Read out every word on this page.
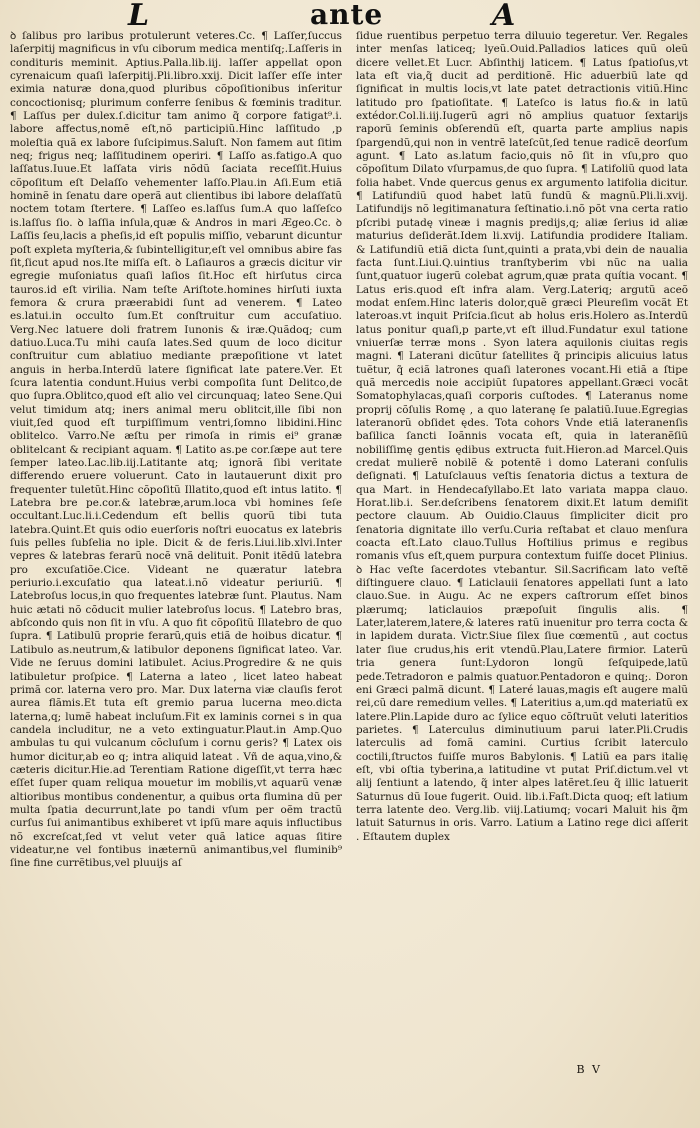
L	ante	A

ꝺ ſalibus pro laribus protulerunt veteres.Cc. ¶ Laſſer,ſuccus laſerpitij magnificus in vſu ciborum medica mentiſq;.Laſſeris in condituris meminit. Aptius.Palla.lib.iij. laſſer appellat opon cyrenaicum quaſi laſerpitij.Pli.libro.xxij. Dicit laſſer eſſe inter eximia naturæ dona,quod pluribus cõpoſitionibus inſeritur concoctionisq; plurimum conferre ſenibus & fœminis traditur. ¶ Laſſus per dulex.ſ.dicitur tam animo q̃ corpore fatigat⁹.i. labore affectus,nomẽ eſt,nõ participiũ.Hinc laſſitudo ,p moleſtia quã ex labore ſuſcipimus.Saluſt. Non famem aut ſitim neq; frigus neq; laſſitudinem operiri. ¶ Laſſo as.fatigo.A quo laſſatus.Iuue.Et laſſata viris nõdũ ſaciata receſſit.Huius cõpoſitum eſt Delaſſo vehementer laſſo.Plau.in Aſi.Eum etiã hominẽ in ſenatu dare operã aut clientibus ibi labore delaſſatũ noctem totam ſtertere. ¶ Laſſeo es.laſſus ſum.A quo laſſeſco is.laſſus ſio. ꝺ laſſia inſula,quæ & Andros in mari Ægeo.Cc. ꝺ Laſſis ſeu,lacis a pheſis,id eſt populis miſſio, vebarunt dicuntur poſt expleta myſteria,& ſubintelligitur,eſt vel omnibus abire fas ſit,ſicut apud nos.Ite miſſa eſt. ꝺ Laſiauros a græcis dicitur vir egregie muſoniatus quaſi laſios ſit.Hoc eſt hirſutus circa tauros.id eſt virilia. Nam teſte Ariſtote.homines hirſuti iuxta femora & crura præerabidi ſunt ad venerem. ¶ Lateo es.latui.in occulto ſum.Et conſtruitur cum accuſatiuo. Verg.Nec latuere doli fratrem Iunonis & iræ.Quãdoq; cum datiuo.Luca.Tu mihi cauſa lates.Sed quum de loco dicitur conſtruitur cum ablatiuo mediante præpoſitione vt latet anguis in herba.Interdũ latere ſignificat late patere.Ver. Et ſcura latentia condunt.Huius verbi compoſita ſunt Delitco,de quo ſupra.Oblitco,quod eſt alio vel circunquaq; lateo Sene.Qui velut timidum atq; iners animal meru oblitcit,ille ſibi non viuit,ſed quod eſt turpiſſimum ventri,ſomno libidini.Hinc oblitelco. Varro.Ne æſtu per rimoſa in rimis ei⁹ granæ oblitelcant & recipiant aquam. ¶ Latito as.pe cor.ſæpe aut tere ſemper lateo.Lac.lib.iij.Latitante atq; ignorã ſibi veritate differendo eruere voluerunt. Cato in lautauerunt dixit pro frequenter tuletũt.Hinc cõpoſitũ Illatito,quod eſt intus latito. ¶ Latebra bre pe.cor.& latebræ,arum.loca vbi homines ſeſe occultant.Luc.li.i.Cedendum eſt bellis quorũ tibi tuta latebra.Quint.Et quis odio euerſoris noſtri euocatus ex latebris ſuis pelles ſubſelia no iple. Dicit & de feris.Liui.lib.xlvi.Inter vepres & latebras ferarũ nocẽ vnã delituit. Ponit itẽdũ latebra pro excuſatiõe.Cice. Videant ne quæratur latebra periurio.i.excuſatio qua lateat.i.nõ videatur periuriũ. ¶ Latebroſus locus,in quo frequentes latebræ ſunt. Plautus. Nam huic ætati nõ cõducit mulier latebroſus locus. ¶ Latebro bras, abſcondo quis non ſit in vſu. A quo fit cõpoſitũ Illatebro de quo ſupra. ¶ Latibulũ proprie ferarũ,quis etiã de hoibus dicatur. ¶ Latibulo as.neutrum,& latibulor deponens ſignificat lateo. Var. Vide ne ſeruus domini latibulet. Acius.Progredire & ne quis latibuletur proſpice. ¶ Laterna a lateo , licet lateo habeat primã cor. laterna vero pro. Mar. Dux laterna viæ clauſis ferot aurea flãmis.Et tuta eſt gremio parua lucerna meo.dicta laterna,q; lumẽ habeat incluſum.Fit ex laminis cornei s in qua candela includitur, ne a veto extinguatur.Plaut.in Amp.Quo ambulas tu qui vulcanum cõcluſum i cornu geris? ¶ Latex ois humor dicitur,ab eo q; intra aliquid lateat . Vñ de aqua,vino,& cæteris dicitur.Hie.ad Terentiam Ratione digeſſit,vt terra hæc eſſet ſuper quam reliqua mouetur im mobilis,vt aquarũ venæ altioribus montibus condenentur, a quibus orta flumina dũ per multa ſpatia decurrunt,late po tandi vſum per oẽm tractũ curſus ſui animantibus exhiberet vt ipſũ mare aquis influctibus nõ excreſcat,ſed vt velut veter quã latice aquas ſitire videatur,ne vel fontibus inæternũ animantibus,vel fluminib⁹ ſine fine currẽtibus,vel pluuijs aſ

ſidue ruentibus perpetuo terra diluuio tegeretur. Ver. Regales inter menſas laticeq; lyeũ.Ouid.Palladios latices quũ oleũ dicere vellet.Et Lucr. Abſinthij laticem. ¶ Latus ſpatioſus,vt lata eſt via,q̃ ducit ad perditionẽ. Hic aduerbiũ late qd ſignificat in multis locis,vt late patet detractionis vitiũ.Hinc latitudo pro ſpatioſitate. ¶ Lateſco is latus fio.& in latũ extédor.Col.li.iij.Iugerũ agri nõ amplius quatuor ſextarijs raporũ ſeminis obſerendũ eſt, quarta parte amplius napis ſpargendũ,qui non in ventrẽ lateſcũt,ſed tenue radicẽ deorſum agunt. ¶ Lato as.latum facio,quis nõ ſit in vſu,pro quo cõpoſitum Dilato vſurpamus,de quo ſupra. ¶ Latifoliũ quod lata folia habet. Vnde quercus genus ex argumento latifolia dicitur. ¶ Latifundiũ quod habet latũ fundũ & magnũ.Pli.li.xvij. Latifundijs nõ legitimanatura ſeſtinatio.i.nõ põt vna certa ratio pſcribi putadę vineæ i magnis predijs,q; aliæ ſerius id aliæ maturius deſiderãt.Idem li.xvij. Latifundia prodidere Italiam. & Latifundiũ etiã dicta ſunt,quinti a prata,vbi dein de naualia facta ſunt.Liui.Q.uintius tranſtyberim vbi nũc na ualia ſunt,quatuor iugerũ colebat agrum,quæ prata quítia vocant. ¶ Latus eris.quod eſt infra alam. Verg.Lateriq; argutũ aceõ modat enſem.Hinc lateris dolor,quẽ græci Pleureſim vocãt Et lateroas.vt inquit Priſcia.ſicut ab holus eris.Holero as.Interdũ latus ponitur quaſi,p parte,vt eſt illud.Fundatur exul tatione vniuerſæ terræ mons . Syon latera aquilonis ciuitas regis magni. ¶ Laterani dicũtur ſatellites q̃ principis alicuius latus tuẽtur, q̃ eciã latrones quaſi laterones vocant.Hi etiã a ſtipe quã mercedis noie accipiũt ſupatores appellant.Græci vocãt Somatophylacas,quaſi corporis cuſtodes. ¶ Lateranus nome proprij cõſulis Romę , a quo lateranę ſe palatiũ.Iuue.Egregias lateranorũ obſidet ędes. Tota cohors Vnde etiã lateranenſis baſilica ſancti Ioãnnis vocata eſt, quia in lateranẽſiũ nobiliſſimę gentis ędibus extructa fuit.Hieron.ad Marcel.Quis credat mulierẽ nobilẽ & potentẽ i domo Laterani conſulis deſignati. ¶ Latuſclauus veſtis ſenatoria dictus a textura de qua Mart. in Hendecaſyllabo.Et lato variata mappa clauo. Horat.lib.i. Ser.deſcribens ſenatorem dixit.Et latum demiſit pectore clauum. Ab Ouidio.Clauus ſimpliciter dicit pro ſenatoria dignitate illo verſu.Curia reſtabat et clauo menſura coacta eſt.Lato clauo.Tullus Hoſtilius primus e regibus romanis vſus eſt,quem purpura contextum fuiſſe docet Plinius. ꝺ Hac veſte ſacerdotes vtebantur. Sil.Sacrificam lato veſtẽ diſtinguere clauo. ¶ Laticlauii ſenatores appellati ſunt a lato clauo.Sue. in Augu. Ac ne expers caſtrorum eſſet binos plærumq; laticlauios præpoſuit ſingulis alis. ¶ Later,laterem,latere,& lateres ratũ inuenitur pro terra cocta & in lapidem durata. Victr.Siue ſilex ſiue cœmentũ , aut coctus later ſiue crudus,his erit vtendũ.Plau,Latere firmior. Laterũ tria genera ſunt:Lydoron longũ ſeſquipede,latũ pede.Tetradoron e palmis quatuor.Pentadoron e quinq;. Doron eni Græci palmã dicunt. ¶ Lateré lauas,magis eſt augere malũ rei,cũ dare remedium velles. ¶ Lateritius a,um.qd materiatũ ex latere.Plin.Lapide duro ac ſylice equo cõſtruũt veluti lateritios parietes. ¶ Laterculus diminutiuum parui later.Pli.Crudis laterculis ad fomã camini. Curtius ſcribit laterculo coctili,ſtructos fuiſſe muros Babylonis. ¶ Latiũ ea pars italię eſt, vbi oſtia tyberina,a latitudine vt putat Priſ.dictum.vel vt alij ſentiunt a latendo, q̃ inter alpes latẽret.ſeu q̃ illic latuerit Saturnus dũ Ioue fugerit. Ouid. lib.i.Faſt.Dicta quoq; eſt latium terra latente deo. Verg.lib. viij.Latiumq; vocari Maluit his q̃m latuit Saturnus in oris. Varro. Latium a Latino rege dici aſſerit . Eſtautem duplex

B V
